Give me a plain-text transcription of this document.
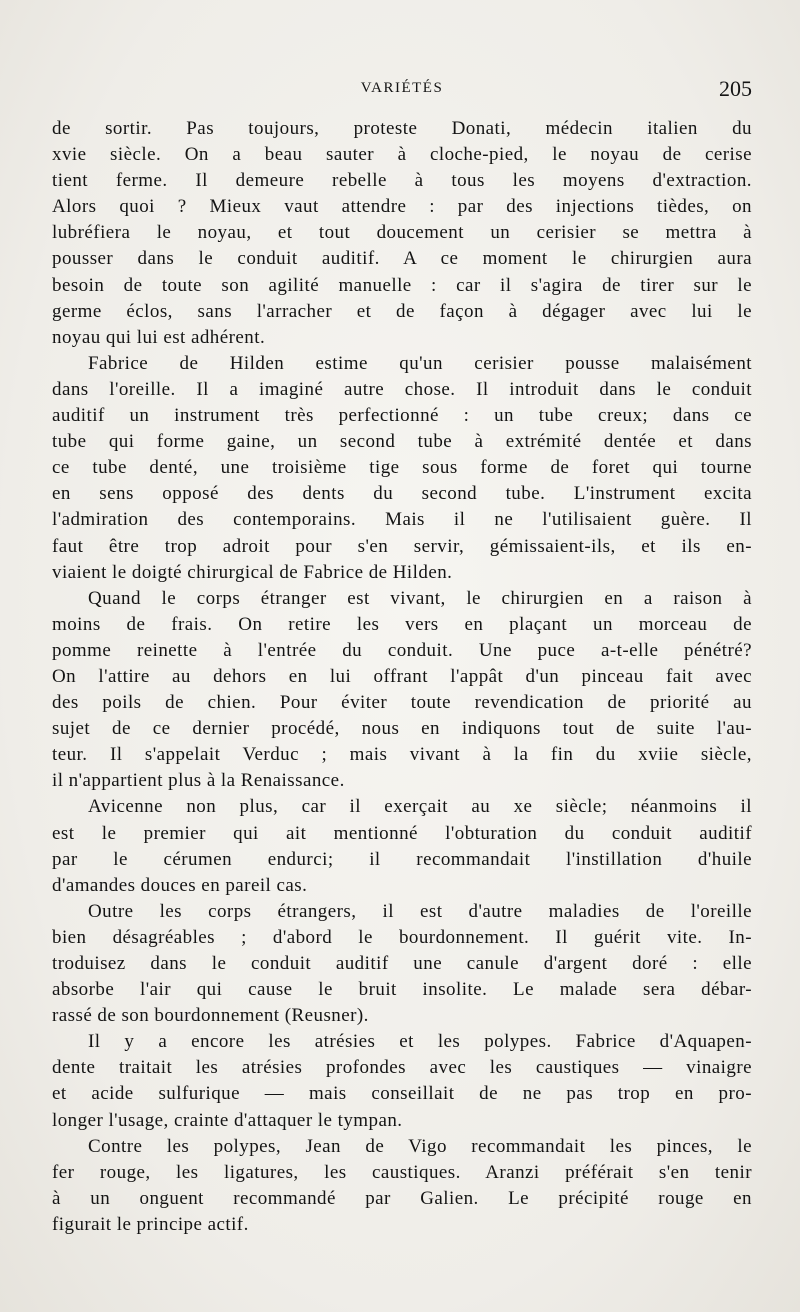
VARIÉTÉS	205

de sortir. Pas toujours, proteste Donati, médecin italien du
xvie siècle. On a beau sauter à cloche-pied, le noyau de cerise
tient ferme. Il demeure rebelle à tous les moyens d'extraction.
Alors quoi ? Mieux vaut attendre : par des injections tièdes, on
lubréfiera le noyau, et tout doucement un cerisier se mettra à
pousser dans le conduit auditif. A ce moment le chirurgien aura
besoin de toute son agilité manuelle : car il s'agira de tirer sur le
germe éclos, sans l'arracher et de façon à dégager avec lui le
noyau qui lui est adhérent.

Fabrice de Hilden estime qu'un cerisier pousse malaisément
dans l'oreille. Il a imaginé autre chose. Il introduit dans le conduit
auditif un instrument très perfectionné : un tube creux; dans ce
tube qui forme gaine, un second tube à extrémité dentée et dans
ce tube denté, une troisième tige sous forme de foret qui tourne
en sens opposé des dents du second tube. L'instrument excita
l'admiration des contemporains. Mais il ne l'utilisaient guère. Il
faut être trop adroit pour s'en servir, gémissaient-ils, et ils en-
viaient le doigté chirurgical de Fabrice de Hilden.

Quand le corps étranger est vivant, le chirurgien en a raison à
moins de frais. On retire les vers en plaçant un morceau de
pomme reinette à l'entrée du conduit. Une puce a-t-elle pénétré?
On l'attire au dehors en lui offrant l'appât d'un pinceau fait avec
des poils de chien. Pour éviter toute revendication de priorité au
sujet de ce dernier procédé, nous en indiquons tout de suite l'au-
teur. Il s'appelait Verduc ; mais vivant à la fin du xviie siècle,
il n'appartient plus à la Renaissance.

Avicenne non plus, car il exerçait au xe siècle; néanmoins il
est le premier qui ait mentionné l'obturation du conduit auditif
par le cérumen endurci; il recommandait l'instillation d'huile
d'amandes douces en pareil cas.

Outre les corps étrangers, il est d'autre maladies de l'oreille
bien désagréables ; d'abord le bourdonnement. Il guérit vite. In-
troduisez dans le conduit auditif une canule d'argent doré : elle
absorbe l'air qui cause le bruit insolite. Le malade sera débar-
rassé de son bourdonnement (Reusner).

Il y a encore les atrésies et les polypes. Fabrice d'Aquapen-
dente traitait les atrésies profondes avec les caustiques — vinaigre
et acide sulfurique — mais conseillait de ne pas trop en pro-
longer l'usage, crainte d'attaquer le tympan.

Contre les polypes, Jean de Vigo recommandait les pinces, le
fer rouge, les ligatures, les caustiques. Aranzi préférait s'en tenir
à un onguent recommandé par Galien. Le précipité rouge en
figurait le principe actif.
